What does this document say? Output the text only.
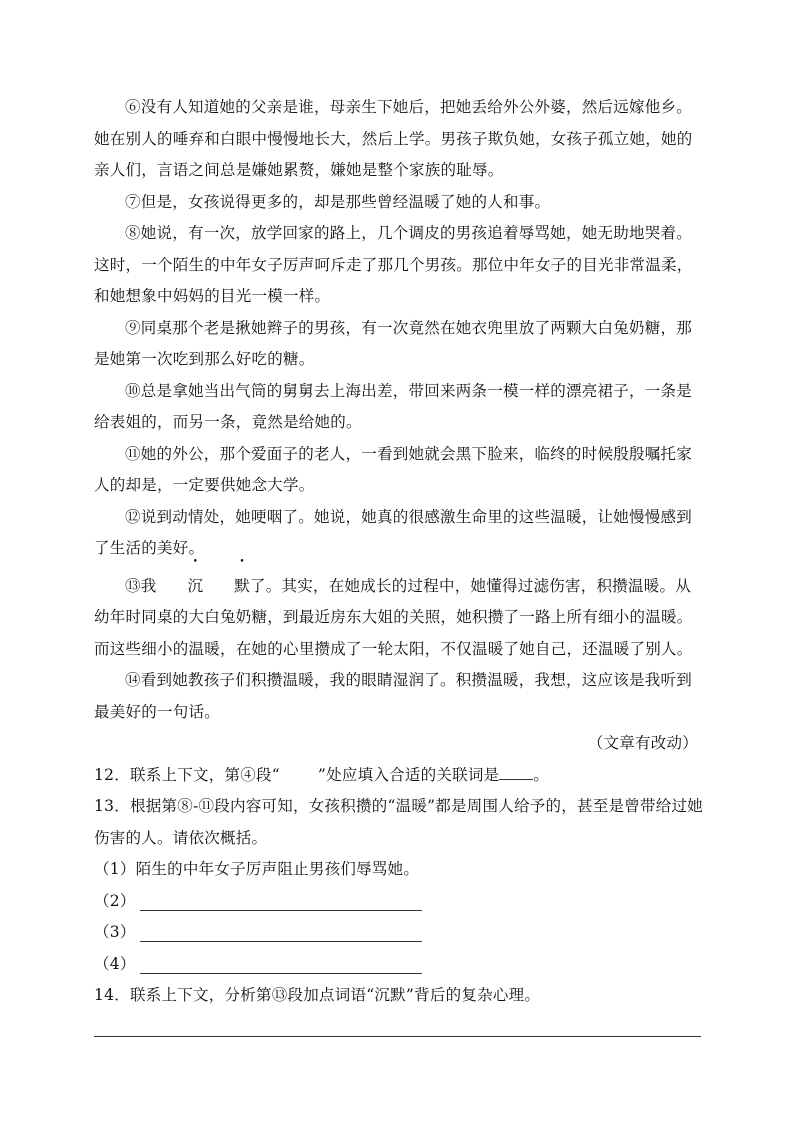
⑥没有人知道她的父亲是谁，母亲生下她后，把她丢给外公外婆，然后远嫁他乡。她在别人的唾弃和白眼中慢慢地长大，然后上学。男孩子欺负她，女孩子孤立她，她的亲人们，言语之间总是嫌她累赘，嫌她是整个家族的耻辱。

⑦但是，女孩说得更多的，却是那些曾经温暖了她的人和事。

⑧她说，有一次，放学回家的路上，几个调皮的男孩追着辱骂她，她无助地哭着。这时，一个陌生的中年女子厉声呵斥走了那几个男孩。那位中年女子的目光非常温柔，和她想象中妈妈的目光一模一样。

⑨同桌那个老是揪她辫子的男孩，有一次竟然在她衣兜里放了两颗大白兔奶糖，那是她第一次吃到那么好吃的糖。

⑩总是拿她当出气筒的舅舅去上海出差，带回来两条一模一样的漂亮裙子，一条是给表姐的，而另一条，竟然是给她的。

⑪她的外公，那个爱面子的老人，一看到她就会黑下脸来，临终的时候殷殷嘱托家人的却是，一定要供她念大学。

⑫说到动情处，她哽咽了。她说，她真的很感激生命里的这些温暖，让她慢慢感到了生活的美好。

⑬我 沉 默了。其实，在她成长的过程中，她懂得过滤伤害，积攒温暖。从幼年时同桌的大白兔奶糖，到最近房东大姐的关照，她积攒了一路上所有细小的温暖。而这些细小的温暖，在她的心里攒成了一轮太阳，不仅温暖了她自己，还温暖了别人。

⑭看到她教孩子们积攒温暖，我的眼睛湿润了。积攒温暖，我想，这应该是我听到最美好的一句话。

（文章有改动）

12．联系上下文，第④段“ ”处应填入合适的关联词是 。

13．根据第⑧-⑪段内容可知，女孩积攒的“温暖”都是周围人给予的，甚至是曾带给过她伤害的人。请依次概括。

（1）陌生的中年女子厉声阻止男孩们辱骂她。

（2）

（3）

（4）

14．联系上下文，分析第⑬段加点词语“沉默”背后的复杂心理。
